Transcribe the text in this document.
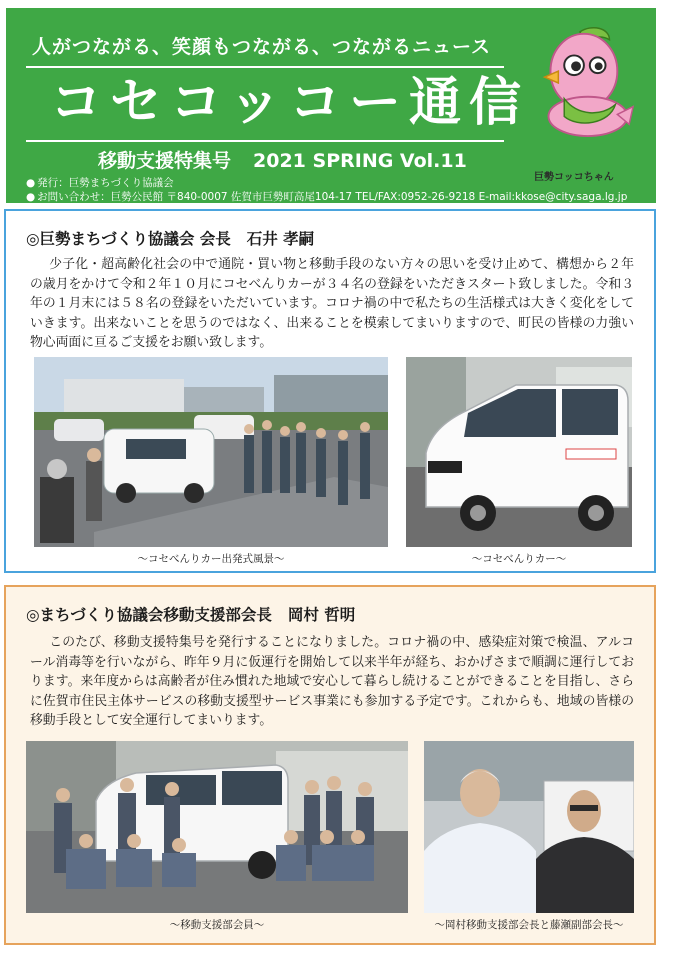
人がつながる、笑顔もつながる、つながるニュース
コセコッコー通信
移動支援特集号 2021 SPRING Vol.11
● 発行：巨勢まちづくり協議会
● お問い合わせ：巨勢公民館 〒840-0007 佐賀市巨勢町高尾104-17 TEL/FAX:0952-26-9218 E-mail:kkose@city.saga.lg.jp
巨勢コッコちゃん
◎巨勢まちづくり協議会 会長 石井 孝嗣
少子化・超高齢化社会の中で通院・買い物と移動手段のない方々の思いを受け止めて、構想から２年の歳月をかけて令和２年１０月にコセべんりカーが３４名の登録をいただきスタート致しました。令和３年の１月末には５８名の登録をいただいています。コロナ禍の中で私たちの生活様式は大きく変化をしていきます。出来ないことを思うのではなく、出来ることを模索してまいりますので、町民の皆様の力強い物心両面に亘るご支援をお願い致します。
～コセべんりカー出発式風景～	～コセべんりカー～
◎まちづくり協議会移動支援部会長 岡村 哲明
このたび、移動支援特集号を発行することになりました。コロナ禍の中、感染症対策で検温、アルコール消毒等を行いながら、昨年９月に仮運行を開始して以来半年が経ち、おかげさまで順調に運行しております。来年度からは高齢者が住み慣れた地域で安心して暮らし続けることができることを目指し、さらに佐賀市住民主体サービスの移動支援型サービス事業にも参加する予定です。これからも、地域の皆様の移動手段として安全運行してまいります。
～移動支援部会員～	～岡村移動支援部会長と藤瀬副部会長～
